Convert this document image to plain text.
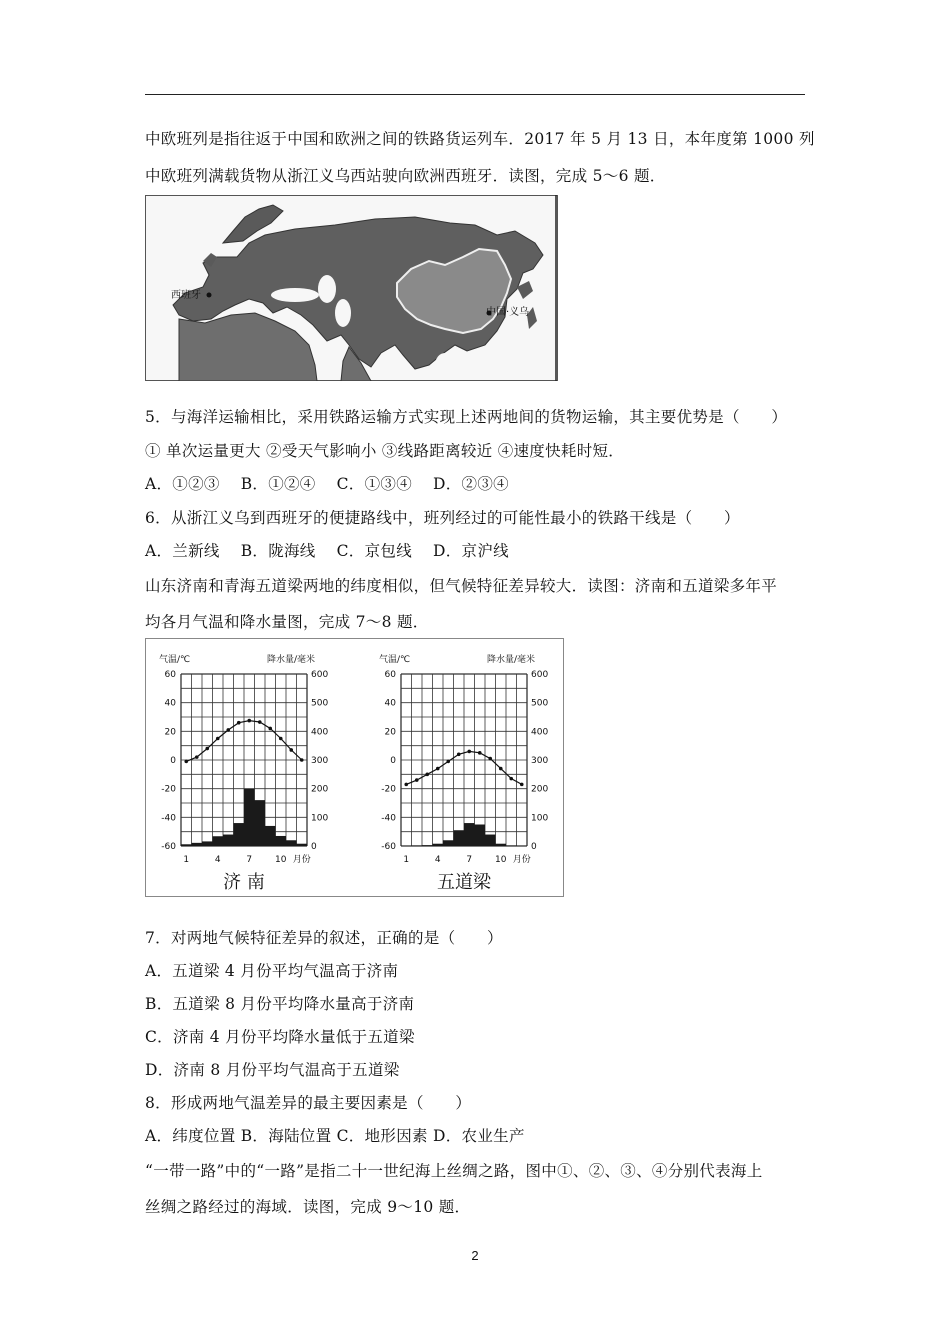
中欧班列是指往返于中国和欧洲之间的铁路货运列车．2017 年 5 月 13 日，本年度第 1000 列
中欧班列满载货物从浙江义乌西站驶向欧洲西班牙．读图，完成 5～6 题．
西班牙
中国·义乌
5．与海洋运输相比，采用铁路运输方式实现上述两地间的货物运输，其主要优势是（　　）
① 单次运量更大 ②受天气影响小 ③线路距离较近 ④速度快耗时短．
A．①②③　 B．①②④　 C．①③④　 D．②③④
6．从浙江义乌到西班牙的便捷路线中，班列经过的可能性最小的铁路干线是（　　）
A．兰新线　 B．陇海线　 C．京包线　 D．京沪线
山东济南和青海五道梁两地的纬度相似，但气候特征差异较大．读图：济南和五道梁多年平
均各月气温和降水量图，完成 7～8 题．
60
40
20
0
-20
-40
-60
600
500
400
300
200
100
0
1	4	7	10 月份
气温/℃	降水量/毫米
济 南
60
40
20
0
-20
-40
-60
600
500
400
300
200
100
0
1	4	7	10 月份
气温/℃	降水量/毫米
五道梁
7．对两地气候特征差异的叙述，正确的是（　　）
A．五道梁 4 月份平均气温高于济南
B．五道梁 8 月份平均降水量高于济南
C．济南 4 月份平均降水量低于五道梁
D．济南 8 月份平均气温高于五道梁
8．形成两地气温差异的最主要因素是（　　）
A．纬度位置 B．海陆位置 C．地形因素 D．农业生产
“一带一路”中的“一路”是指二十一世纪海上丝绸之路，图中①、②、③、④分别代表海上
丝绸之路经过的海域．读图，完成 9～10 题．
2
